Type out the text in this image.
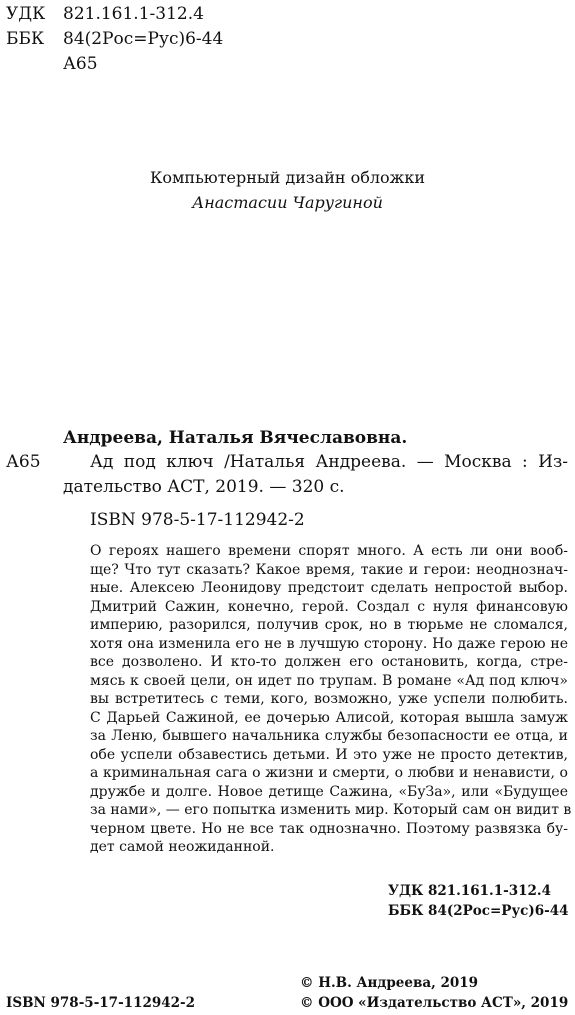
УДК 821.161.1-312.4
ББК 84(2Рос=Рус)6-44
А65
Компьютерный дизайн обложки
Анастасии Чаругиной
Андреева, Наталья Вячеславовна.
А65	Ад под ключ /Наталья Андреева. — Москва : Из-
дательство АСТ, 2019. — 320 с.
ISBN 978-5-17-112942-2
О героях нашего времени спорят много. А есть ли они вооб-
ще? Что тут сказать? Какое время, такие и герои: неоднознач-
ные. Алексею Леонидову предстоит сделать непростой выбор.
Дмитрий Сажин, конечно, герой. Создал с нуля финансовую
империю, разорился, получив срок, но в тюрьме не сломался,
хотя она изменила его не в лучшую сторону. Но даже герою не
все дозволено. И кто-то должен его остановить, когда, стре-
мясь к своей цели, он идет по трупам. В романе «Ад под ключ»
вы встретитесь с теми, кого, возможно, уже успели полюбить.
С Дарьей Сажиной, ее дочерью Алисой, которая вышла замуж
за Леню, бывшего начальника службы безопасности ее отца, и
обе успели обзавестись детьми. И это уже не просто детектив,
а криминальная сага о жизни и смерти, о любви и ненависти, о
дружбе и долге. Новое детище Сажина, «БуЗа», или «Будущее
за нами», — его попытка изменить мир. Который сам он видит в
черном цвете. Но не все так однозначно. Поэтому развязка бу-
дет самой неожиданной.
УДК 821.161.1-312.4
ББК 84(2Рос=Рус)6-44
© Н.В. Андреева, 2019
ISBN 978-5-17-112942-2	© ООО «Издательство АСТ», 2019
